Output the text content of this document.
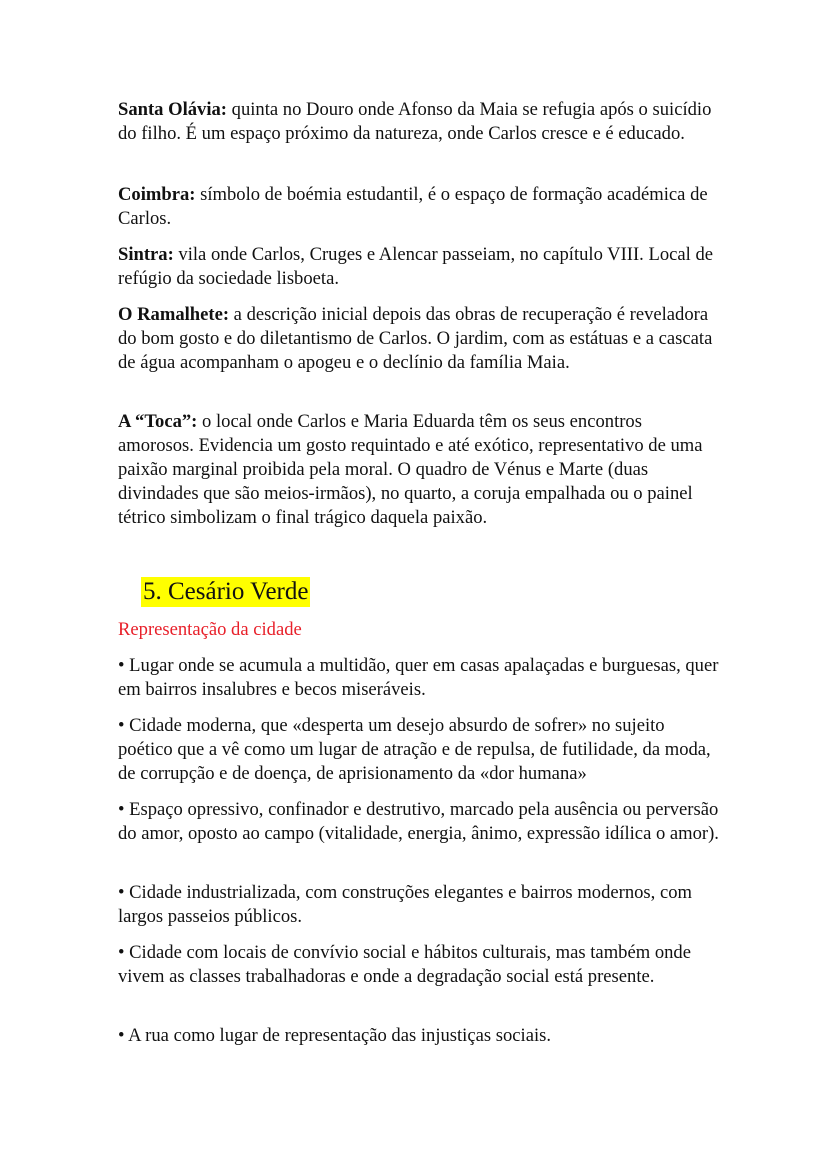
Santa Olávia: quinta no Douro onde Afonso da Maia se refugia após o suicídio do filho. É um espaço próximo da natureza, onde Carlos cresce e é educado.

Coimbra: símbolo de boémia estudantil, é o espaço de formação académica de Carlos.

Sintra: vila onde Carlos, Cruges e Alencar passeiam, no capítulo VIII. Local de refúgio da sociedade lisboeta.

O Ramalhete: a descrição inicial depois das obras de recuperação é reveladora do bom gosto e do diletantismo de Carlos. O jardim, com as estátuas e a cascata de água acompanham o apogeu e o declínio da família Maia.

A “Toca”: o local onde Carlos e Maria Eduarda têm os seus encontros amorosos. Evidencia um gosto requintado e até exótico, representativo de uma paixão marginal proibida pela moral. O quadro de Vénus e Marte (duas divindades que são meios-irmãos), no quarto, a coruja empalhada ou o painel tétrico simbolizam o final trágico daquela paixão.

5. Cesário Verde
Representação da cidade

• Lugar onde se acumula a multidão, quer em casas apalaçadas e burguesas, quer em bairros insalubres e becos miseráveis.

• Cidade moderna, que «desperta um desejo absurdo de sofrer» no sujeito poético que a vê como um lugar de atração e de repulsa, de futilidade, da moda, de corrupção e de doença, de aprisionamento da «dor humana»

• Espaço opressivo, confinador e destrutivo, marcado pela ausência ou perversão do amor, oposto ao campo (vitalidade, energia, ânimo, expressão idílica o amor).

• Cidade industrializada, com construções elegantes e bairros modernos, com largos passeios públicos.

• Cidade com locais de convívio social e hábitos culturais, mas também onde vivem as classes trabalhadoras e onde a degradação social está presente.

• A rua como lugar de representação das injustiças sociais.
